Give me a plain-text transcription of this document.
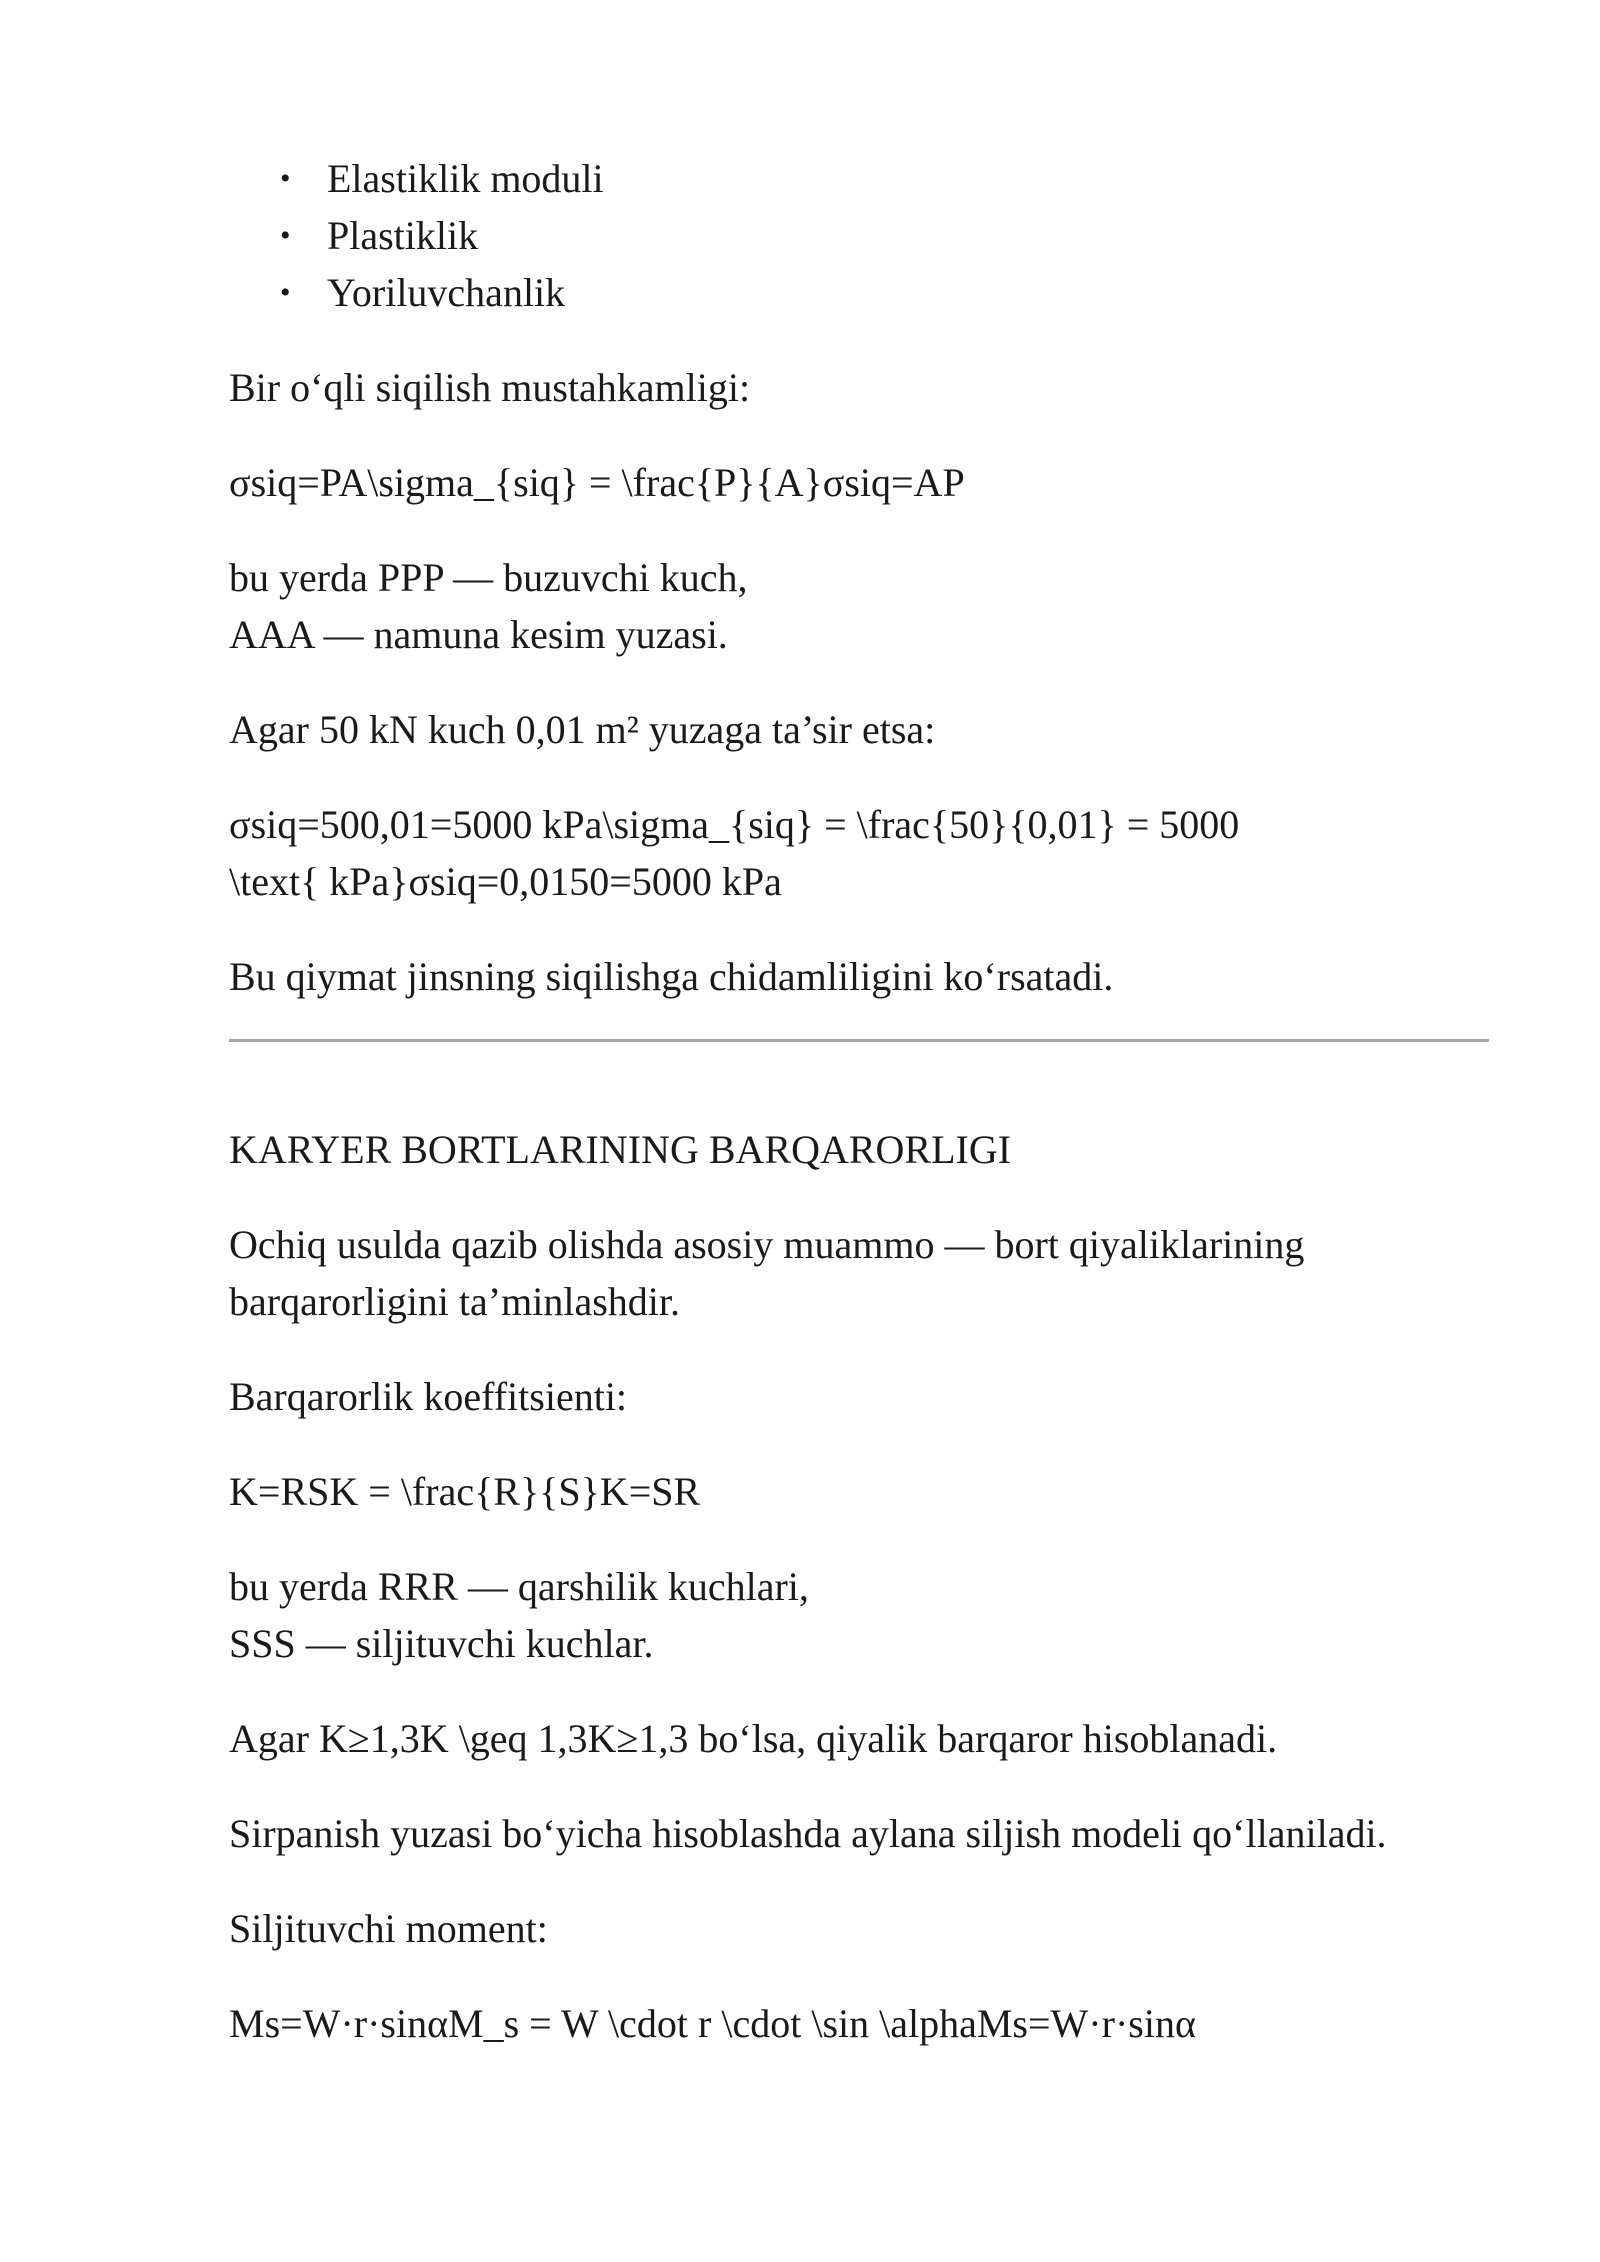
• Elastiklik moduli
• Plastiklik
• Yoriluvchanlik

Bir o‘qli siqilish mustahkamligi:

σsiq=PA\sigma_{siq} = \frac{P}{A}σsiq=AP

bu yerda PPP — buzuvchi kuch,
AAA — namuna kesim yuzasi.

Agar 50 kN kuch 0,01 m² yuzaga ta’sir etsa:

σsiq=500,01=5000 kPa\sigma_{siq} = \frac{50}{0,01} = 5000
\text{ kPa}σsiq=0,0150=5000 kPa

Bu qiymat jinsning siqilishga chidamliligini ko‘rsatadi.

KARYER BORTLARINING BARQARORLIGI

Ochiq usulda qazib olishda asosiy muammo — bort qiyaliklarining
barqarorligini ta’minlashdir.

Barqarorlik koeffitsienti:

K=RSK = \frac{R}{S}K=SR

bu yerda RRR — qarshilik kuchlari,
SSS — siljituvchi kuchlar.

Agar K≥1,3K \geq 1,3K≥1,3 bo‘lsa, qiyalik barqaror hisoblanadi.

Sirpanish yuzasi bo‘yicha hisoblashda aylana siljish modeli qo‘llaniladi.

Siljituvchi moment:

Ms=W·r·sinαM_s = W \cdot r \cdot \sin \alphaMs=W·r·sinα
